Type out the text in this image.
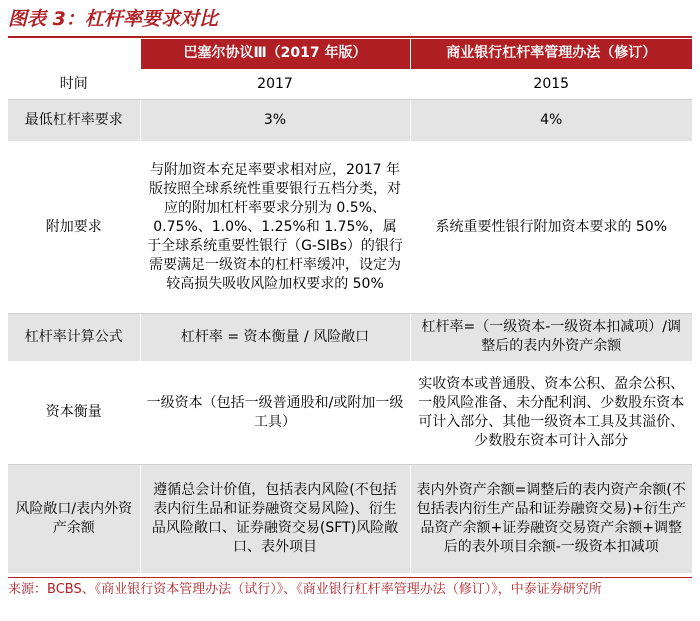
图表 3：杠杆率要求对比
	巴塞尔协议Ⅲ（2017 年版）	商业银行杠杆率管理办法（修订）
时间	2017	2015
最低杠杆率要求	3%	4%
附加要求	与附加资本充足率要求相对应，2017 年版按照全球系统性重要银行五档分类，对应的附加杠杆率要求分别为 0.5%、0.75%、1.0%、1.25%和 1.75%，属于全球系统重要性银行（G-SIBs）的银行需要满足一级资本的杠杆率缓冲，设定为较高损失吸收风险加权要求的 50%	系统重要性银行附加资本要求的 50%
杠杆率计算公式	杠杆率 = 资本衡量 / 风险敞口	杠杆率=（一级资本-一级资本扣减项）/调整后的表内外资产余额
资本衡量	一级资本（包括一级普通股和/或附加一级工具）	实收资本或普通股、资本公积、盈余公积、一般风险准备、未分配利润、少数股东资本可计入部分、其他一级资本工具及其溢价、少数股东资本可计入部分
风险敞口/表内外资产余额	遵循总会计价值，包括表内风险(不包括表内衍生品和证券融资交易风险)、衍生品风险敞口、证券融资交易(SFT)风险敞口、表外项目	表内外资产余额=调整后的表内资产余额(不包括表内衍生产品和证券融资交易)+衍生产品资产余额+证券融资交易资产余额+调整后的表外项目余额-一级资本扣减项
来源：BCBS、《商业银行资本管理办法（试行）》、《商业银行杠杆率管理办法（修订）》，中泰证券研究所
